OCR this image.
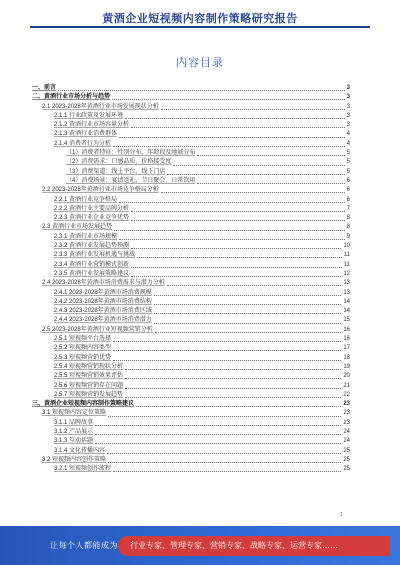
黄酒企业短视频内容制作策略研究报告
内容目录
一、前言	3
二、黄酒行业市场分析与趋势	3
2.1 2023-2028年黄酒行业市场发展现状分析	3
2.1.1 行业政策及发展环境	3
2.1.2 黄酒行业市场容量分析	3
2.1.3 黄酒行业消费群体	4
2.1.4 消费者行为分析	4
（1）消费者特征：性别分布、年龄段及地域分布	5
（2）消费需求：口感品质、价格接受度	5
（3）消费渠道：线上平台、线下门店	5
（4）消费场景：宴请送礼、节日聚会、日常饮用	6
2.2 2023-2028年黄酒行业市场竞争格局分析	6
2.2.1 黄酒行业竞争格局	6
2.2.2 黄酒行业主要品牌分析	7
2.2.3 黄酒行业企业竞争优势	8
2.3 黄酒行业市场发展趋势	8
2.3.1 黄酒行业市场规模	9
2.3.2 黄酒行业发展趋势预测	10
2.3.3 黄酒行业发展机遇与挑战	11
2.3.4 黄酒行业营销模式创新	11
2.3.5 黄酒行业发展策略建议	12
2.4 2023-2028年黄酒市场消费需求与潜力分析	13
2.4.1 2023-2028年黄酒市场消费规模	13
2.4.2 2023-2028年黄酒市场消费结构	14
2.4.3 2023-2028年黄酒市场消费区域	14
2.4.4 2023-2028年黄酒市场消费潜力	15
2.5 2023-2028年黄酒行业短视频营销分析	16
2.5.1 短视频平台选择	16
2.5.2 短视频内容类型	17
2.5.3 短视频营销优势	18
2.5.4 短视频营销现状分析	19
2.5.5 短视频营销效果评估	20
2.5.6 短视频营销存在问题	21
2.5.7 短视频营销发展趋势	22
三、黄酒企业短视频内容制作策略建议	23
3.1 短视频内容定位策略	23
3.1.1 品牌故事	23
3.1.2 产品展示	24
3.1.3 互动话题	24
3.1.4 文化传播内容	25
3.2 短视频内容创作策略	25
3.2.1 短视频创作流程	25
1
让每个人都能成为	行业专家、管理专家、营销专家、战略专家、运营专家……
